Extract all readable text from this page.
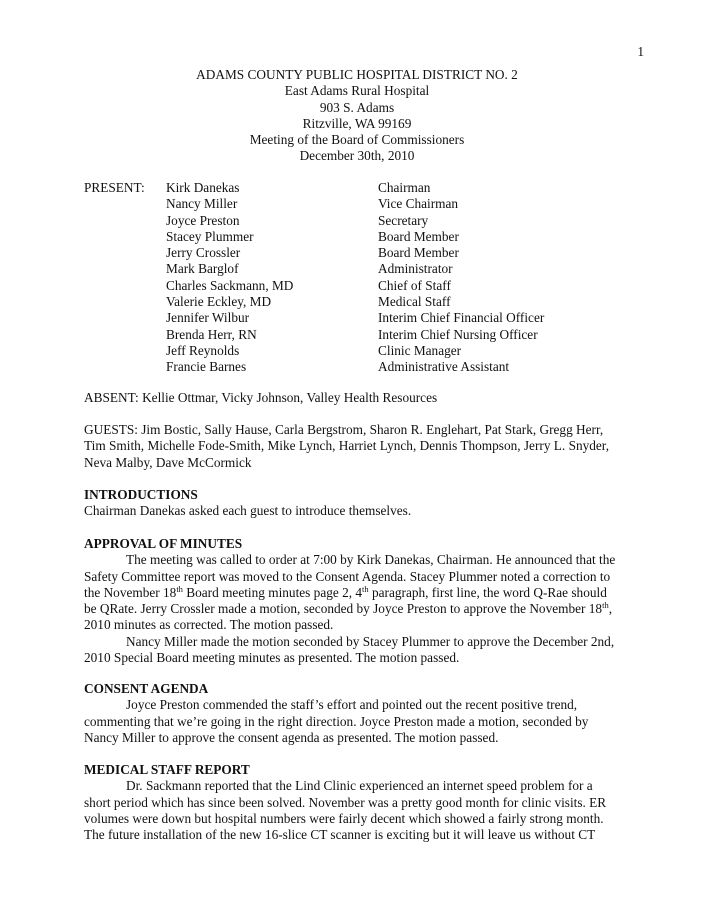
1
ADAMS COUNTY PUBLIC HOSPITAL DISTRICT NO. 2
East Adams Rural Hospital
903 S. Adams
Ritzville, WA 99169
Meeting of the Board of Commissioners
December 30th, 2010
PRESENT: Kirk Danekas	Chairman
Nancy Miller	Vice Chairman
Joyce Preston	Secretary
Stacey Plummer	Board Member
Jerry Crossler	Board Member
Mark Barglof	Administrator
Charles Sackmann, MD	Chief of Staff
Valerie Eckley, MD	Medical Staff
Jennifer Wilbur	Interim Chief Financial Officer
Brenda Herr, RN	Interim Chief Nursing Officer
Jeff Reynolds	Clinic Manager
Francie Barnes	Administrative Assistant
ABSENT: Kellie Ottmar, Vicky Johnson, Valley Health Resources
GUESTS: Jim Bostic, Sally Hause, Carla Bergstrom, Sharon R. Englehart, Pat Stark, Gregg Herr,
Tim Smith, Michelle Fode-Smith, Mike Lynch, Harriet Lynch, Dennis Thompson, Jerry L. Snyder,
Neva Malby, Dave McCormick
INTRODUCTIONS
Chairman Danekas asked each guest to introduce themselves.
APPROVAL OF MINUTES
The meeting was called to order at 7:00 by Kirk Danekas, Chairman. He announced that the
Safety Committee report was moved to the Consent Agenda. Stacey Plummer noted a correction to
the November 18th Board meeting minutes page 2, 4th paragraph, first line, the word Q-Rae should
be QRate. Jerry Crossler made a motion, seconded by Joyce Preston to approve the November 18th,
2010 minutes as corrected. The motion passed.
Nancy Miller made the motion seconded by Stacey Plummer to approve the December 2nd,
2010 Special Board meeting minutes as presented. The motion passed.
CONSENT AGENDA
Joyce Preston commended the staff’s effort and pointed out the recent positive trend,
commenting that we’re going in the right direction. Joyce Preston made a motion, seconded by
Nancy Miller to approve the consent agenda as presented. The motion passed.
MEDICAL STAFF REPORT
Dr. Sackmann reported that the Lind Clinic experienced an internet speed problem for a
short period which has since been solved. November was a pretty good month for clinic visits. ER
volumes were down but hospital numbers were fairly decent which showed a fairly strong month.
The future installation of the new 16-slice CT scanner is exciting but it will leave us without CT
